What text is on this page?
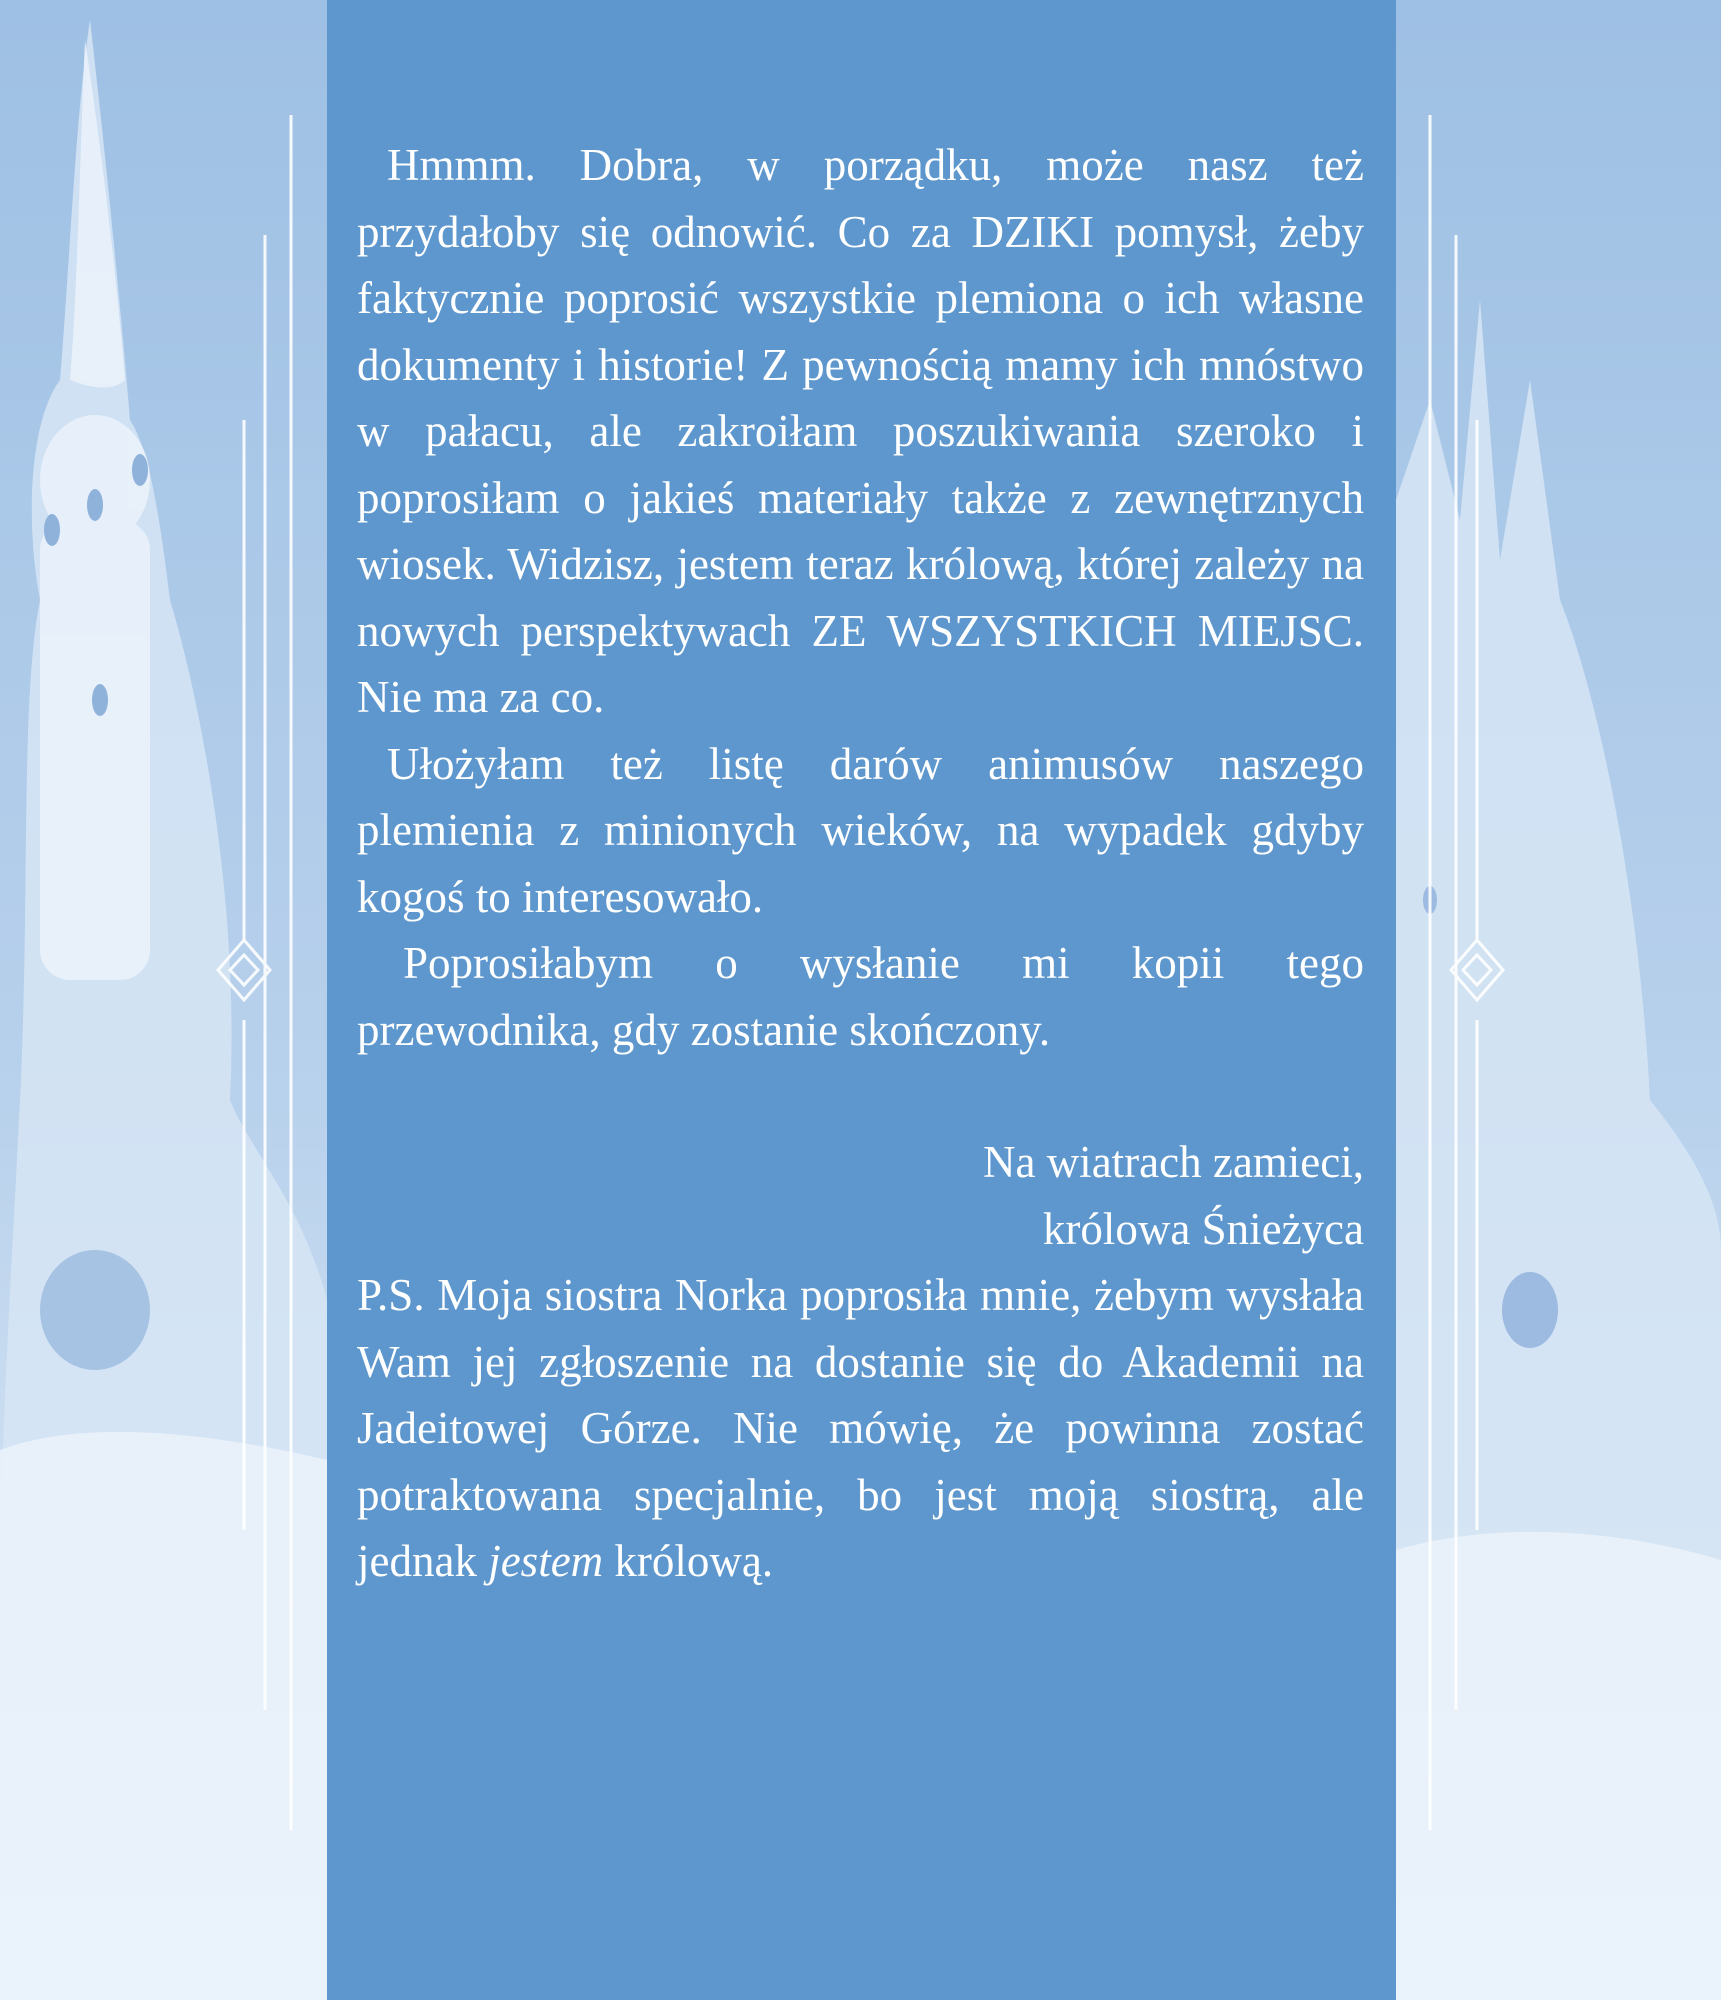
Hmmm. Dobra, w porządku, może nasz też przydałoby się odnowić. Co za DZIKI pomysł, żeby faktycznie poprosić wszystkie plemiona o ich własne dokumenty i historie! Z pewnością mamy ich mnóstwo w pałacu, ale zakroiłam poszukiwania szeroko i poprosiłam o jakieś materiały także z zewnętrznych wiosek. Widzisz, jestem teraz królową, której zależy na nowych perspektywach ZE WSZYSTKICH MIEJSC. Nie ma za co.

Ułożyłam też listę darów animusów naszego plemienia z minionych wieków, na wypadek gdyby kogoś to interesowało.

Poprosiłabym o wysłanie mi kopii tego przewodnika, gdy zostanie skończony.

Na wiatrach zamieci,
królowa Śnieżyca

P.S. Moja siostra Norka poprosiła mnie, żebym wysłała Wam jej zgłoszenie na dostanie się do Akademii na Jadeitowej Górze. Nie mówię, że powinna zostać potraktowana specjalnie, bo jest moją siostrą, ale jednak jestem królową.
